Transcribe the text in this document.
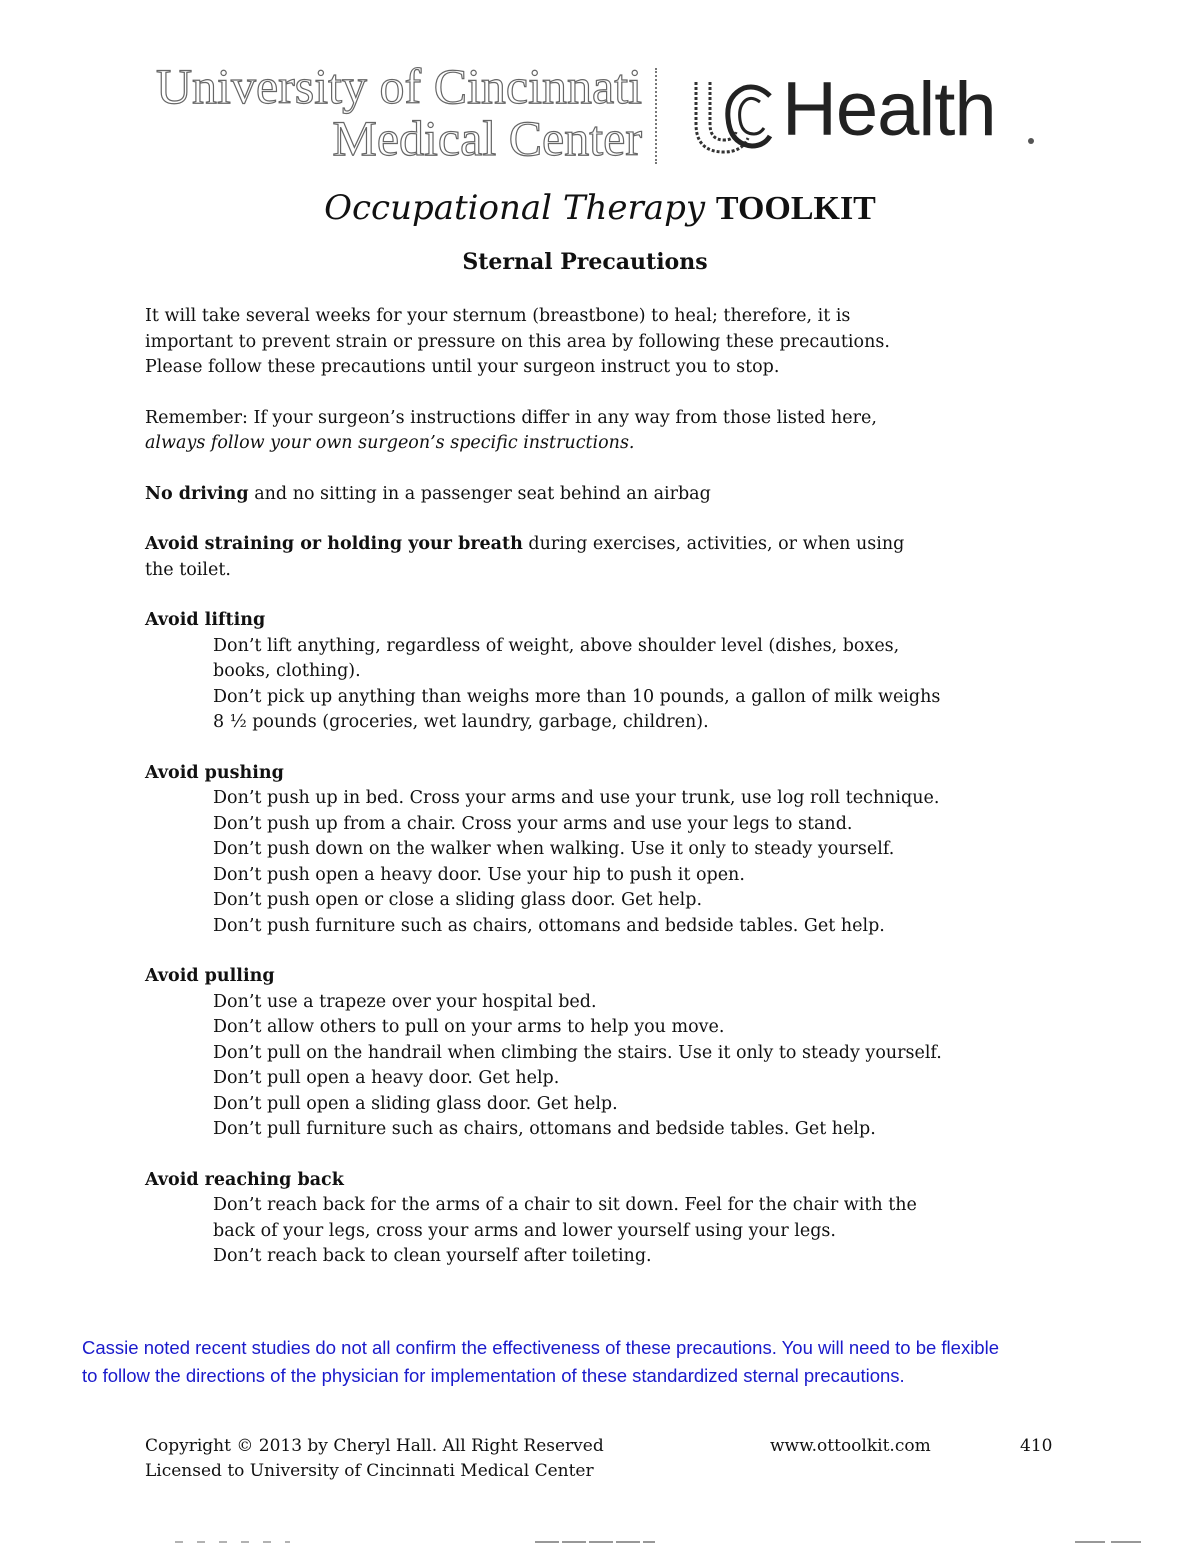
University of Cincinnati
Medical Center Health
Occupational Therapy TOOLKIT
Sternal Precautions

It will take several weeks for your sternum (breastbone) to heal; therefore, it is

important to prevent strain or pressure on this area by following these precautions.

Please follow these precautions until your surgeon instruct you to stop.

Remember: If your surgeon’s instructions differ in any way from those listed here,

always follow your own surgeon’s specific instructions.

No driving and no sitting in a passenger seat behind an airbag

Avoid straining or holding your breath during exercises, activities, or when using

the toilet.

Avoid lifting

Don’t lift anything, regardless of weight, above shoulder level (dishes, boxes,

books, clothing).

Don’t pick up anything than weighs more than 10 pounds, a gallon of milk weighs

8 ½ pounds (groceries, wet laundry, garbage, children).

Avoid pushing

Don’t push up in bed. Cross your arms and use your trunk, use log roll technique.

Don’t push up from a chair. Cross your arms and use your legs to stand.

Don’t push down on the walker when walking. Use it only to steady yourself.

Don’t push open a heavy door. Use your hip to push it open.

Don’t push open or close a sliding glass door. Get help.

Don’t push furniture such as chairs, ottomans and bedside tables. Get help.

Avoid pulling

Don’t use a trapeze over your hospital bed.

Don’t allow others to pull on your arms to help you move.

Don’t pull on the handrail when climbing the stairs. Use it only to steady yourself.

Don’t pull open a heavy door. Get help.

Don’t pull open a sliding glass door. Get help.

Don’t pull furniture such as chairs, ottomans and bedside tables. Get help.

Avoid reaching back

Don’t reach back for the arms of a chair to sit down. Feel for the chair with the

back of your legs, cross your arms and lower yourself using your legs.

Don’t reach back to clean yourself after toileting.

Cassie noted recent studies do not all confirm the effectiveness of these precautions. You will need to be flexible
to follow the directions of the physician for implementation of these standardized sternal precautions.
Copyright © 2013 by Cheryl Hall. All Right Reserved	www.ottoolkit.com	410
Licensed to University of Cincinnati Medical Center
